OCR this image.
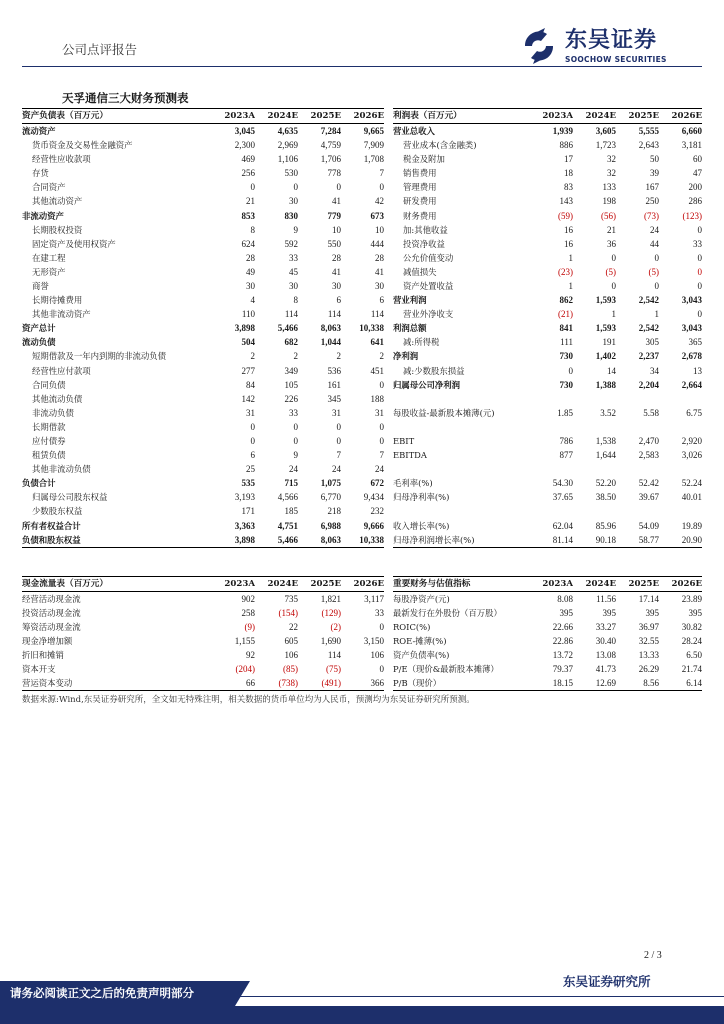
公司点评报告	东吴证券
SOOCHOW SECURITIES
天孚通信三大财务预测表
资产负债表（百万元）	2023A	2024E	2025E	2026E
流动资产	3,045	4,635	7,284	9,665
货币资金及交易性金融资产	2,300	2,969	4,759	7,909
经营性应收款项	469	1,106	1,706	1,708
存货	256	530	778	7
合同资产	0	0	0	0
其他流动资产	21	30	41	42
非流动资产	853	830	779	673
长期股权投资	8	9	10	10
固定资产及使用权资产	624	592	550	444
在建工程	28	33	28	28
无形资产	49	45	41	41
商誉	30	30	30	30
长期待摊费用	4	8	6	6
其他非流动资产	110	114	114	114
资产总计	3,898	5,466	8,063	10,338
流动负债	504	682	1,044	641
短期借款及一年内到期的非流动负债	2	2	2	2
经营性应付款项	277	349	536	451
合同负债	84	105	161	0
其他流动负债	142	226	345	188
非流动负债	31	33	31	31
长期借款	0	0	0	0
应付债券	0	0	0	0
租赁负债	6	9	7	7
其他非流动负债	25	24	24	24
负债合计	535	715	1,075	672
归属母公司股东权益	3,193	4,566	6,770	9,434
少数股东权益	171	185	218	232
所有者权益合计	3,363	4,751	6,988	9,666
负债和股东权益	3,898	5,466	8,063	10,338
利润表（百万元）	2023A	2024E	2025E	2026E
营业总收入	1,939	3,605	5,555	6,660
营业成本(含金融类)	886	1,723	2,643	3,181
税金及附加	17	32	50	60
销售费用	18	32	39	47
管理费用	83	133	167	200
研发费用	143	198	250	286
财务费用	(59)	(56)	(73)	(123)
加:其他收益	16	21	24	0
投资净收益	16	36	44	33
公允价值变动	1	0	0	0
减值损失	(23)	(5)	(5)	0
资产处置收益	1	0	0	0
营业利润	862	1,593	2,542	3,043
营业外净收支	(21)	1	1	0
利润总额	841	1,593	2,542	3,043
减:所得税	111	191	305	365
净利润	730	1,402	2,237	2,678
减:少数股东损益	0	14	34	13
归属母公司净利润	730	1,388	2,204	2,664

每股收益-最新股本摊薄(元)	1.85	3.52	5.58	6.75

EBIT	786	1,538	2,470	2,920
EBITDA	877	1,644	2,583	3,026

毛利率(%)	54.30	52.20	52.42	52.24
归母净利率(%)	37.65	38.50	39.67	40.01

收入增长率(%)	62.04	85.96	54.09	19.89
归母净利润增长率(%)	81.14	90.18	58.77	20.90
现金流量表（百万元）	2023A	2024E	2025E	2026E
经营活动现金流	902	735	1,821	3,117
投资活动现金流	258	(154)	(129)	33
筹资活动现金流	(9)	22	(2)	0
现金净增加额	1,155	605	1,690	3,150
折旧和摊销	92	106	114	106
资本开支	(204)	(85)	(75)	0
营运资本变动	66	(738)	(491)	366
重要财务与估值指标	2023A	2024E	2025E	2026E
每股净资产(元)	8.08	11.56	17.14	23.89
最新发行在外股份（百万股）	395	395	395	395
ROIC(%)	22.66	33.27	36.97	30.82
ROE-摊薄(%)	22.86	30.40	32.55	28.24
资产负债率(%)	13.72	13.08	13.33	6.50
P/E（现价&最新股本摊薄）	79.37	41.73	26.29	21.74
P/B（现价）	18.15	12.69	8.56	6.14
数据来源:Wind,东吴证券研究所，全文如无特殊注明，相关数据的货币单位均为人民币，预测均为东吴证券研究所预测。
2 / 3
请务必阅读正文之后的免责声明部分
东吴证券研究所
